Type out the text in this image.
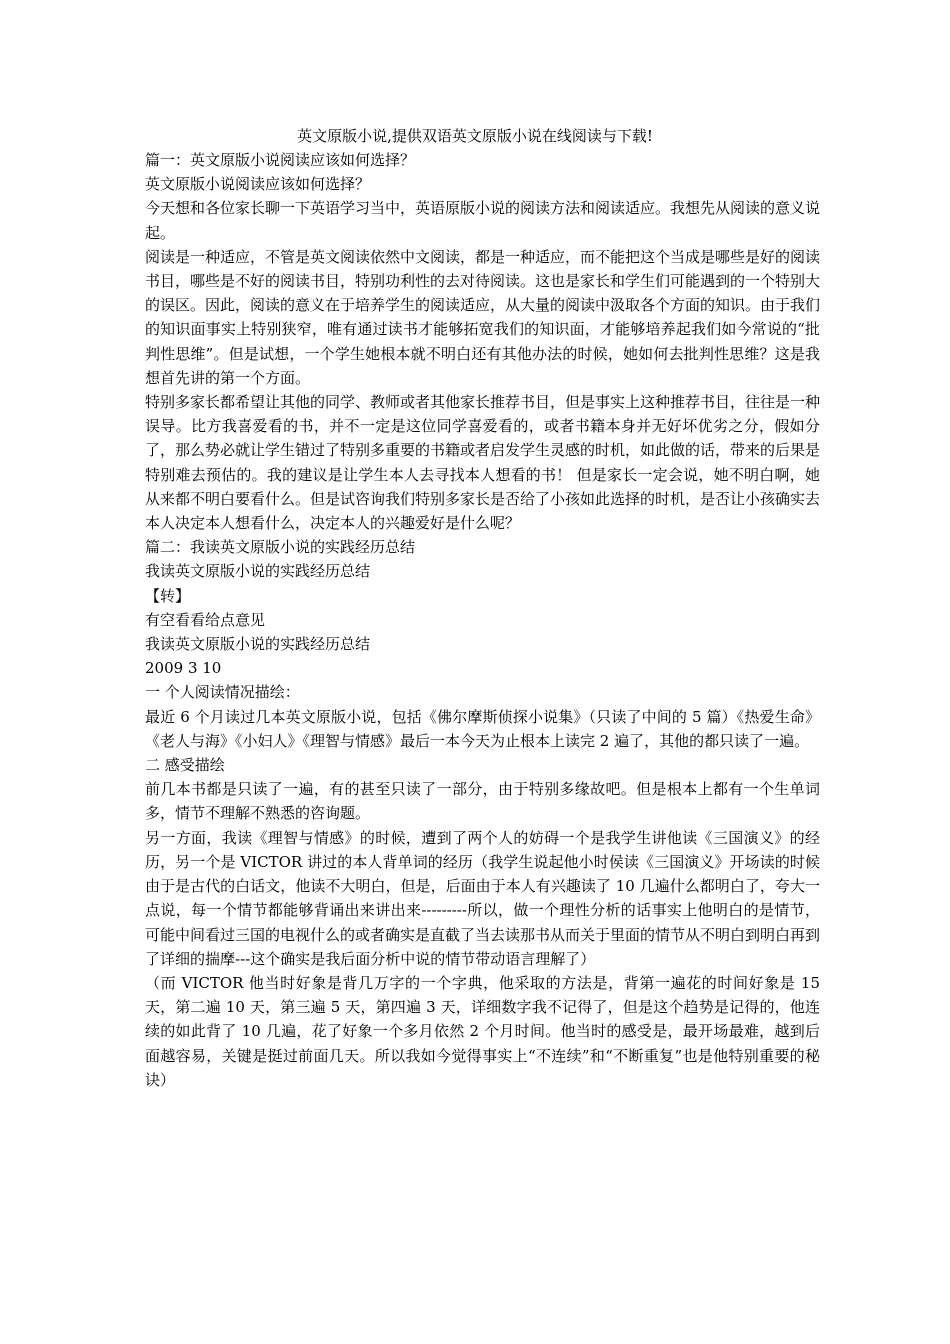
英文原版小说,提供双语英文原版小说在线阅读与下载!

篇一：英文原版小说阅读应该如何选择？

英文原版小说阅读应该如何选择？

今天想和各位家长聊一下英语学习当中，英语原版小说的阅读方法和阅读适应。我想先从阅读的意义说起。

阅读是一种适应，不管是英文阅读依然中文阅读，都是一种适应，而不能把这个当成是哪些是好的阅读书目，哪些是不好的阅读书目，特别功利性的去对待阅读。这也是家长和学生们可能遇到的一个特别大的误区。因此，阅读的意义在于培养学生的阅读适应，从大量的阅读中汲取各个方面的知识。由于我们的知识面事实上特别狭窄，唯有通过读书才能够拓宽我们的知识面，才能够培养起我们如今常说的“批判性思维”。但是试想，一个学生她根本就不明白还有其他办法的时候，她如何去批判性思维？这是我想首先讲的第一个方面。

特别多家长都希望让其他的同学、教师或者其他家长推荐书目，但是事实上这种推荐书目，往往是一种误导。比方我喜爱看的书，并不一定是这位同学喜爱看的，或者书籍本身并无好坏优劣之分，假如分了，那么势必就让学生错过了特别多重要的书籍或者启发学生灵感的时机，如此做的话，带来的后果是特别难去预估的。我的建议是让学生本人去寻找本人想看的书！ 但是家长一定会说，她不明白啊，她从来都不明白要看什么。但是试咨询我们特别多家长是否给了小孩如此选择的时机，是否让小孩确实去本人决定本人想看什么，决定本人的兴趣爱好是什么呢？

篇二：我读英文原版小说的实践经历总结

我读英文原版小说的实践经历总结

【转】

有空看看给点意见

我读英文原版小说的实践经历总结

2009 3 10

一 个人阅读情况描绘：

最近 6 个月读过几本英文原版小说，包括《佛尔摩斯侦探小说集》（只读了中间的 5 篇）《热爱生命》《老人与海》《小妇人》《理智与情感》最后一本今天为止根本上读完 2 遍了，其他的都只读了一遍。

二 感受描绘

前几本书都是只读了一遍，有的甚至只读了一部分，由于特别多缘故吧。但是根本上都有一个生单词多，情节不理解不熟悉的咨询题。

另一方面，我读《理智与情感》的时候，遭到了两个人的妨碍一个是我学生讲他读《三国演义》的经历，另一个是 VICTOR 讲过的本人背单词的经历（我学生说起他小时侯读《三国演义》开场读的时候由于是古代的白话文，他读不大明白，但是，后面由于本人有兴趣读了 10 几遍什么都明白了，夸大一点说，每一个情节都能够背诵出来讲出来---------所以，做一个理性分析的话事实上他明白的是情节，可能中间看过三国的电视什么的或者确实是直截了当去读那书从而关于里面的情节从不明白到明白再到了详细的揣摩---这个确实是我后面分析中说的情节带动语言理解了）

（而 VICTOR 他当时好象是背几万字的一个字典，他采取的方法是，背第一遍花的时间好象是 15 天，第二遍 10 天，第三遍 5 天，第四遍 3 天，详细数字我不记得了，但是这个趋势是记得的，他连续的如此背了 10 几遍，花了好象一个多月依然 2 个月时间。他当时的感受是，最开场最难，越到后面越容易，关键是挺过前面几天。所以我如今觉得事实上“不连续”和“不断重复”也是他特别重要的秘诀）
